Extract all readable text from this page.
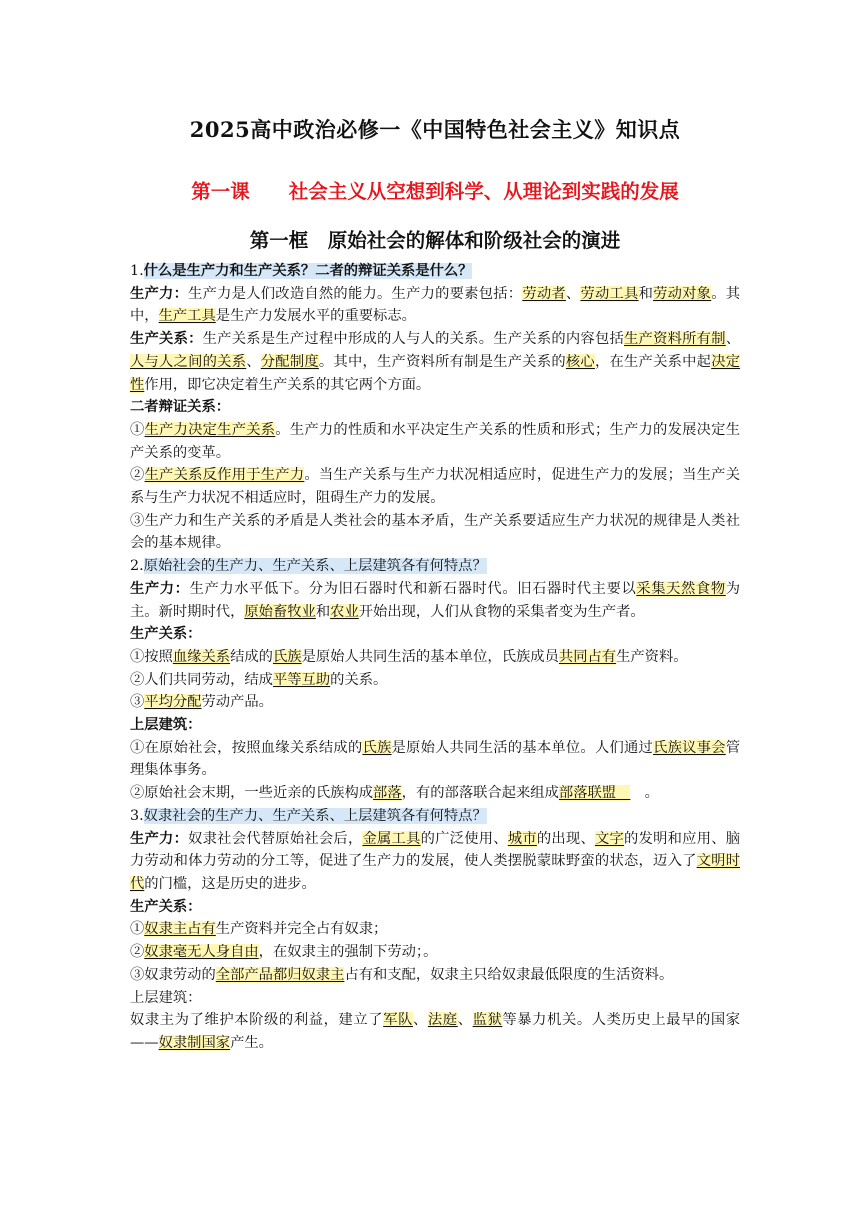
2025高中政治必修一《中国特色社会主义》知识点
第一课　　社会主义从空想到科学、从理论到实践的发展
第一框　原始社会的解体和阶级社会的演进

1.什么是生产力和生产关系？二者的辩证关系是什么？

生产力：生产力是人们改造自然的能力。生产力的要素包括：劳动者、劳动工具和劳动对象。其中，生产工具是生产力发展水平的重要标志。

生产关系：生产关系是生产过程中形成的人与人的关系。生产关系的内容包括生产资料所有制、人与人之间的关系、分配制度。其中，生产资料所有制是生产关系的核心，在生产关系中起决定性作用，即它决定着生产关系的其它两个方面。

二者辩证关系：

①生产力决定生产关系。生产力的性质和水平决定生产关系的性质和形式；生产力的发展决定生产关系的变革。

②生产关系反作用于生产力。当生产关系与生产力状况相适应时，促进生产力的发展；当生产关系与生产力状况不相适应时，阻碍生产力的发展。

③生产力和生产关系的矛盾是人类社会的基本矛盾，生产关系要适应生产力状况的规律是人类社会的基本规律。

2.原始社会的生产力、生产关系、上层建筑各有何特点？

生产力：生产力水平低下。分为旧石器时代和新石器时代。旧石器时代主要以采集天然食物为主。新时期时代，原始畜牧业和农业开始出现，人们从食物的采集者变为生产者。

生产关系：

①按照血缘关系结成的氏族是原始人共同生活的基本单位，氏族成员共同占有生产资料。

②人们共同劳动，结成平等互助的关系。

③平均分配劳动产品。

上层建筑：

①在原始社会，按照血缘关系结成的氏族是原始人共同生活的基本单位。人们通过氏族议事会管理集体事务。

②原始社会末期，一些近亲的氏族构成部落，有的部落联合起来组成部落联盟　　。

3.奴隶社会的生产力、生产关系、上层建筑各有何特点？

生产力：奴隶社会代替原始社会后，金属工具的广泛使用、城市的出现、文字的发明和应用、脑力劳动和体力劳动的分工等，促进了生产力的发展，使人类摆脱蒙昧野蛮的状态，迈入了文明时代的门槛，这是历史的进步。

生产关系：

①奴隶主占有生产资料并完全占有奴隶；

②奴隶毫无人身自由，在奴隶主的强制下劳动；。

③奴隶劳动的全部产品都归奴隶主占有和支配，奴隶主只给奴隶最低限度的生活资料。

上层建筑：

奴隶主为了维护本阶级的利益，建立了军队、法庭、监狱等暴力机关。人类历史上最早的国家——奴隶制国家产生。
